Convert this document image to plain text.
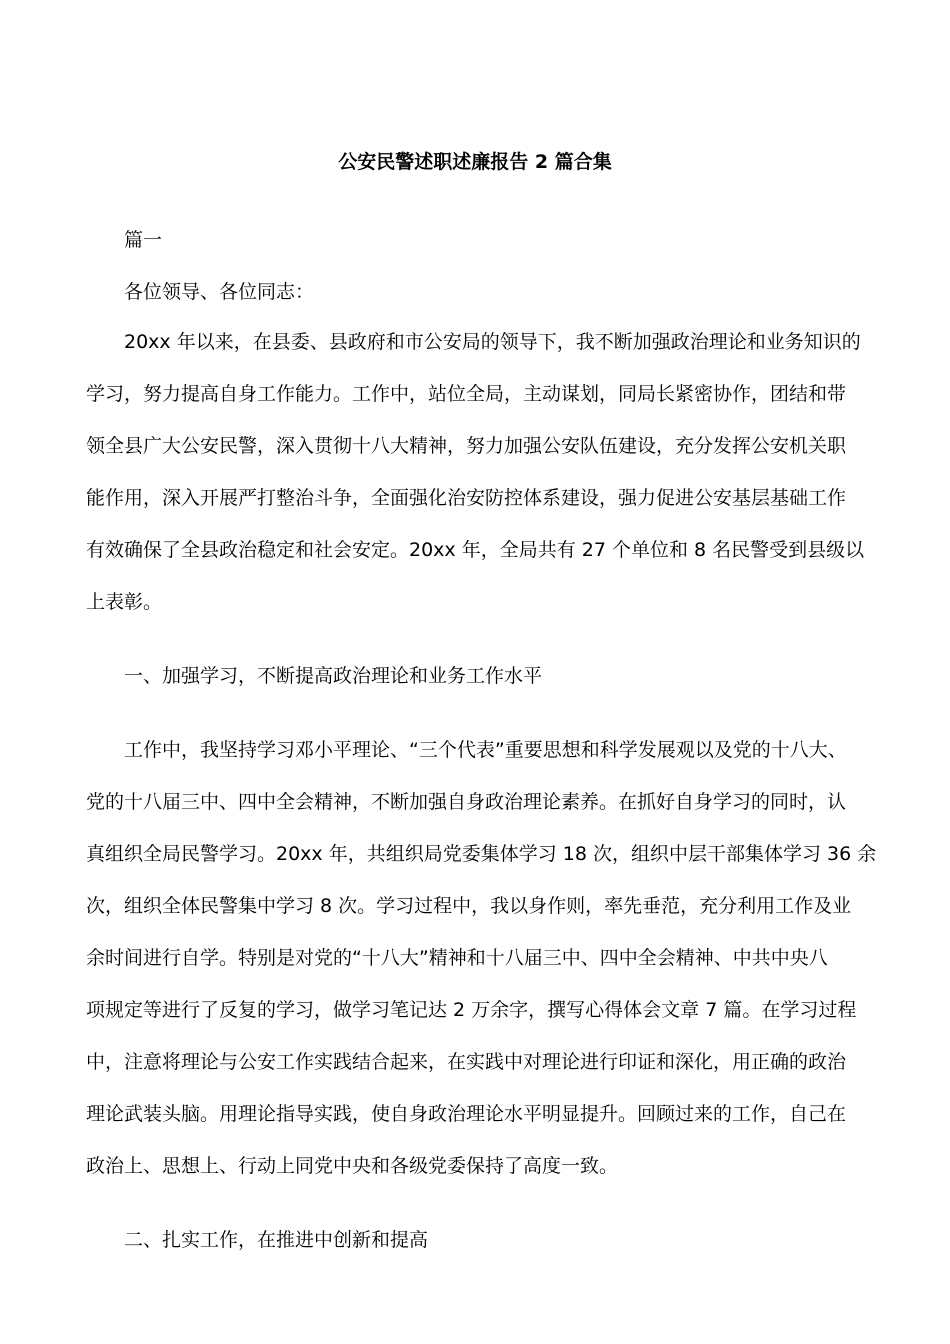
公安民警述职述廉报告 2 篇合集
篇一
各位领导、各位同志：
20xx 年以来，在县委、县政府和市公安局的领导下，我不断加强政治理论和业务知识的
学习，努力提高自身工作能力。工作中，站位全局，主动谋划，同局长紧密协作，团结和带
领全县广大公安民警，深入贯彻十八大精神，努力加强公安队伍建设，充分发挥公安机关职
能作用，深入开展严打整治斗争，全面强化治安防控体系建设，强力促进公安基层基础工作
有效确保了全县政治稳定和社会安定。20xx 年，全局共有 27 个单位和 8 名民警受到县级以
上表彰。
一、加强学习，不断提高政治理论和业务工作水平
工作中，我坚持学习邓小平理论、“三个代表”重要思想和科学发展观以及党的十八大、
党的十八届三中、四中全会精神，不断加强自身政治理论素养。在抓好自身学习的同时，认
真组织全局民警学习。20xx 年，共组织局党委集体学习 18 次，组织中层干部集体学习 36 余
次，组织全体民警集中学习 8 次。学习过程中，我以身作则，率先垂范，充分利用工作及业
余时间进行自学。特别是对党的“十八大”精神和十八届三中、四中全会精神、中共中央八
项规定等进行了反复的学习，做学习笔记达 2 万余字，撰写心得体会文章 7 篇。在学习过程
中，注意将理论与公安工作实践结合起来，在实践中对理论进行印证和深化，用正确的政治
理论武装头脑。用理论指导实践，使自身政治理论水平明显提升。回顾过来的工作，自己在
政治上、思想上、行动上同党中央和各级党委保持了高度一致。
二、扎实工作，在推进中创新和提高
